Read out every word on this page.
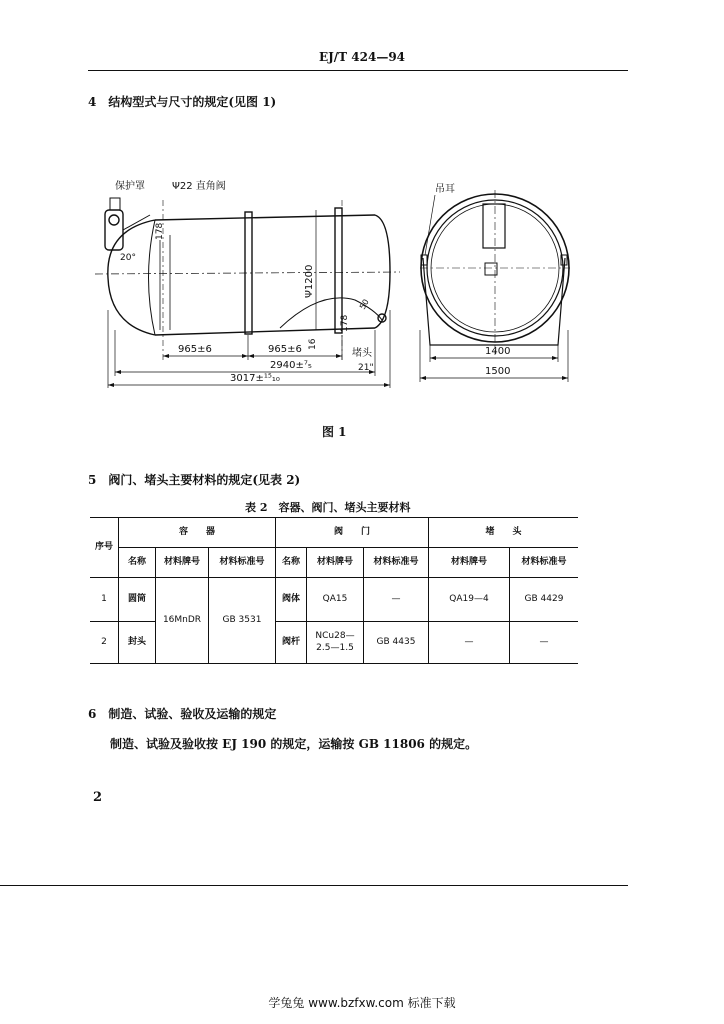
EJ/T 424—94
4　结构型式与尺寸的规定(见图 1)
保护罩	Ψ22 直角阀
20°
178
Ψ1200
178
16
50
堵头
21"
965±6	965±6
2940±⁷₅
3017±¹⁵₁₀
吊耳
1400
1500
图 1
5　阀门、堵头主要材料的规定(见表 2)
表 2　容器、阀门、堵头主要材料
序号	容　　器			阀　　门			堵　　头	
	名称	材料牌号	材料标准号	名称	材料牌号	材料标准号	材料牌号	材料标准号
1	圆筒	16MnDR	GB 3531	阀体	QA15	—	QA19—4	GB 4429
2	封头			阀杆	NCu28—2.5—1.5	GB 4435	—	—
6　制造、试验、验收及运输的规定
制造、试验及验收按 EJ 190 的规定，运输按 GB 11806 的规定。
2
学兔兔 www.bzfxw.com 标准下载
